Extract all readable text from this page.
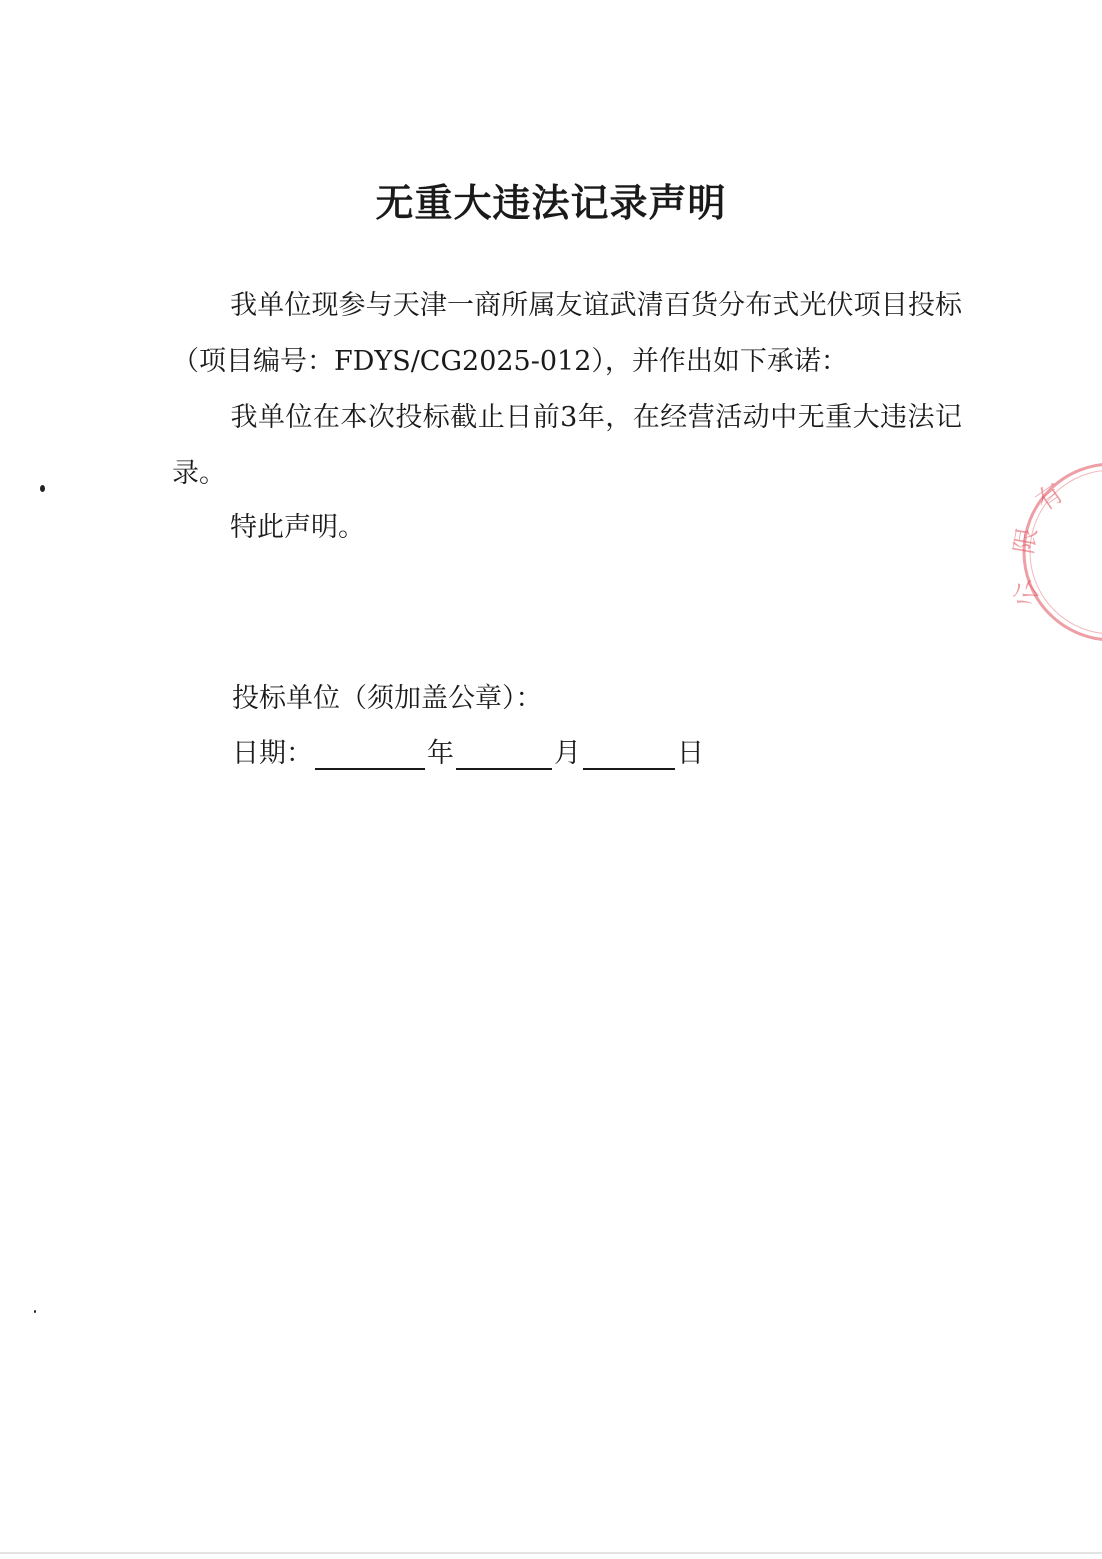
无重大违法记录声明
我单位现参与天津一商所属友谊武清百货分布式光伏项目投标（项目编号：FDYS/CG2025-012），并作出如下承诺：
我单位在本次投标截止日前3年，在经营活动中无重大违法记录。
特此声明。
投标单位（须加盖公章）：
日期：	年	月	日
有
限
公
